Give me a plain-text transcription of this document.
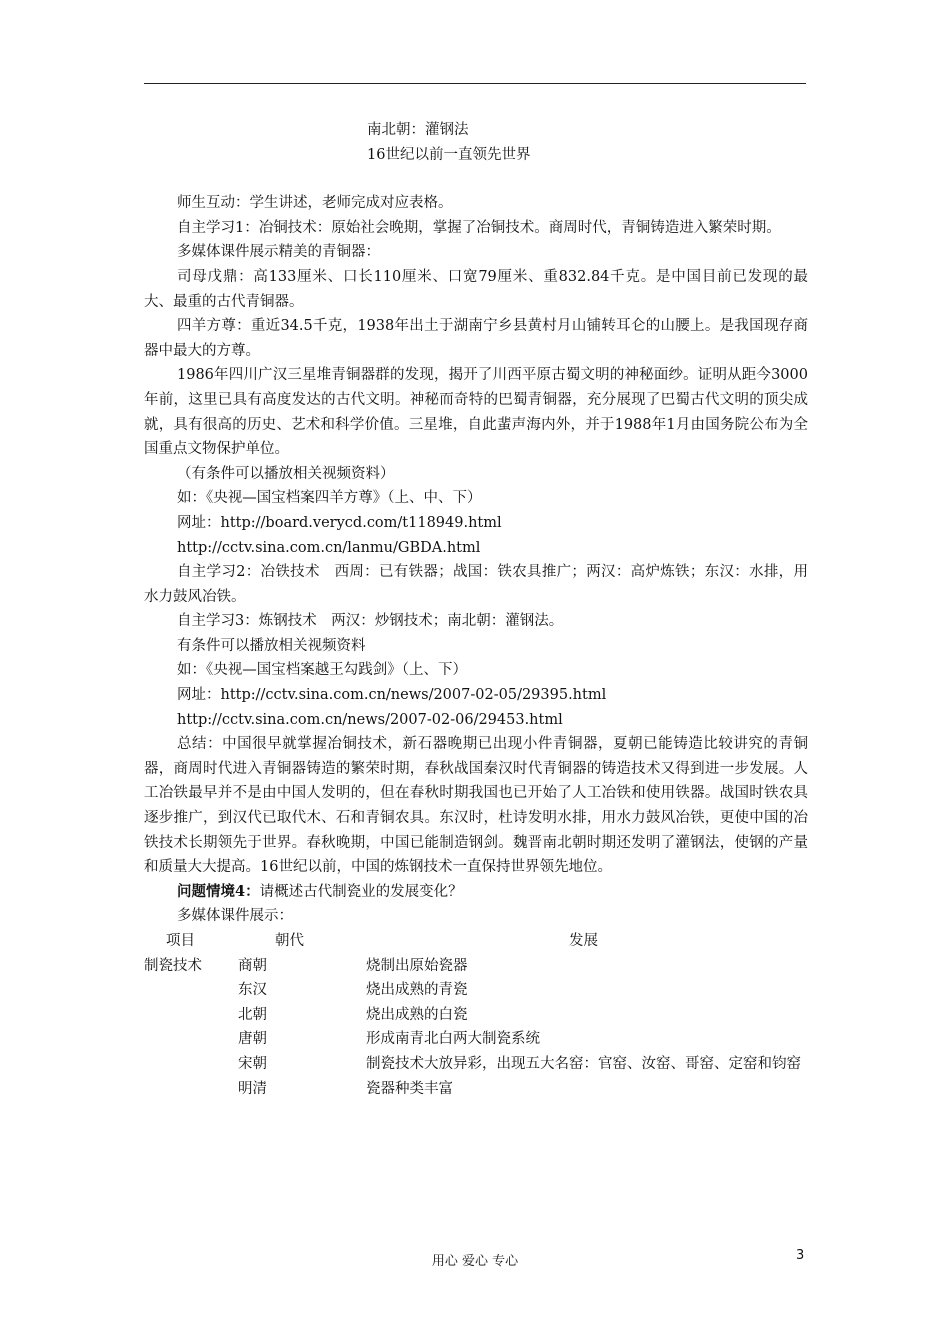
南北朝：灌钢法

16世纪以前一直领先世界

师生互动：学生讲述，老师完成对应表格。

自主学习1：冶铜技术：原始社会晚期，掌握了冶铜技术。商周时代，青铜铸造进入繁荣时期。

多媒体课件展示精美的青铜器：

司母戊鼎：高133厘米、口长110厘米、口宽79厘米、重832.84千克。是中国目前已发现的最大、最重的古代青铜器。

四羊方尊：重近34.5千克，1938年出土于湖南宁乡县黄村月山铺转耳仑的山腰上。是我国现存商器中最大的方尊。

1986年四川广汉三星堆青铜器群的发现，揭开了川西平原古蜀文明的神秘面纱。证明从距今3000年前，这里已具有高度发达的古代文明。神秘而奇特的巴蜀青铜器，充分展现了巴蜀古代文明的顶尖成就，具有很高的历史、艺术和科学价值。三星堆，自此蜚声海内外，并于1988年1月由国务院公布为全国重点文物保护单位。

（有条件可以播放相关视频资料）

如：《央视—国宝档案四羊方尊》（上、中、下）

网址：http://board.verycd.com/t118949.html

http://cctv.sina.com.cn/lanmu/GBDA.html

自主学习2：冶铁技术　西周：已有铁器；战国：铁农具推广；两汉：高炉炼铁；东汉：水排，用水力鼓风冶铁。

自主学习3：炼钢技术　两汉：炒钢技术；南北朝：灌钢法。

有条件可以播放相关视频资料

如：《央视—国宝档案越王勾践剑》（上、下）

网址：http://cctv.sina.com.cn/news/2007-02-05/29395.html

http://cctv.sina.com.cn/news/2007-02-06/29453.html

总结：中国很早就掌握冶铜技术，新石器晚期已出现小件青铜器，夏朝已能铸造比较讲究的青铜器，商周时代进入青铜器铸造的繁荣时期，春秋战国秦汉时代青铜器的铸造技术又得到进一步发展。人工冶铁最早并不是由中国人发明的，但在春秋时期我国也已开始了人工冶铁和使用铁器。战国时铁农具逐步推广，到汉代已取代木、石和青铜农具。东汉时，杜诗发明水排，用水力鼓风冶铁，更使中国的冶铁技术长期领先于世界。春秋晚期，中国已能制造钢剑。魏晋南北朝时期还发明了灌钢法，使钢的产量和质量大大提高。16世纪以前，中国的炼钢技术一直保持世界领先地位。

问题情境4：请概述古代制瓷业的发展变化？

多媒体课件展示：

项目	朝代	发展
制瓷技术	商朝	烧制出原始瓷器
	东汉	烧出成熟的青瓷
	北朝	烧出成熟的白瓷
	唐朝	形成南青北白两大制瓷系统
	宋朝	制瓷技术大放异彩，出现五大名窑：官窑、汝窑、哥窑、定窑和钧窑
	明清	瓷器种类丰富
用心 爱心 专心	3
